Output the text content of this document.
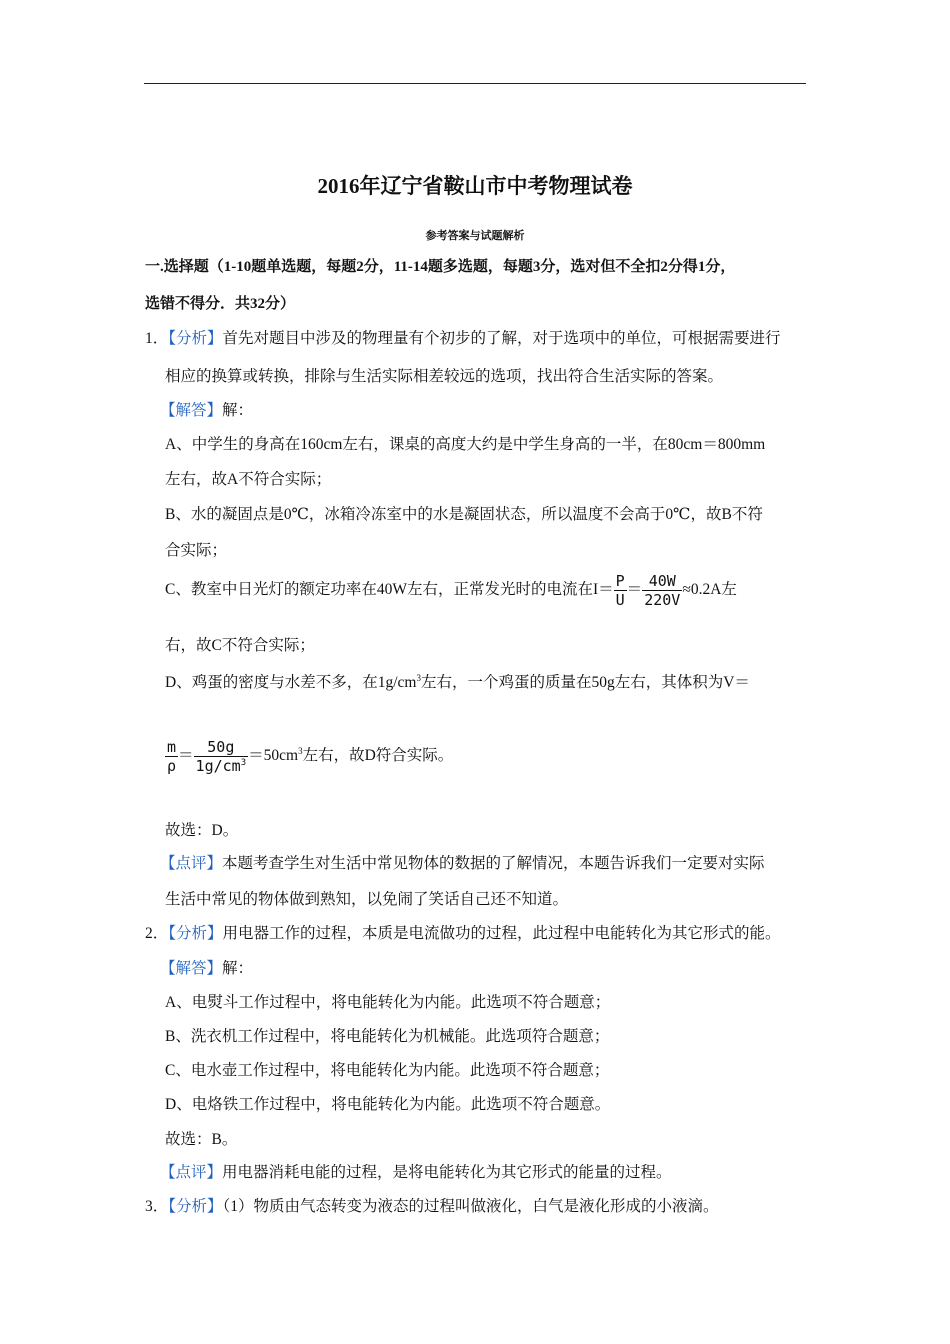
2016年辽宁省鞍山市中考物理试卷
参考答案与试题解析
一.选择题（1-10题单选题，每题2分，11-14题多选题，每题3分，选对但不全扣2分得1分，
选错不得分．共32分）
1．【分析】首先对题目中涉及的物理量有个初步的了解，对于选项中的单位，可根据需要进行
相应的换算或转换，排除与生活实际相差较远的选项，找出符合生活实际的答案。
【解答】解：
A、中学生的身高在160cm左右，课桌的高度大约是中学生身高的一半，在80cm＝800mm
左右，故A不符合实际；
B、水的凝固点是0℃，冰箱冷冻室中的水是凝固状态，所以温度不会高于0℃，故B不符
合实际；
C、教室中日光灯的额定功率在40W左右，正常发光时的电流在$I= \frac{P}{U} = \frac{40W}{220V} \approx 0.2A$左
右，故C不符合实际；
D、鸡蛋的密度与水差不多，在$1g/cm^3$左右，一个鸡蛋的质量在50g左右，其体积为V＝
$\frac{m}{\rho} = \frac{50g}{1g/cm^3} =50cm^3$左右，故D符合实际。
故选：D。
【点评】本题考查学生对生活中常见物体的数据的了解情况，本题告诉我们一定要对实际
生活中常见的物体做到熟知，以免闹了笑话自己还不知道。
2．【分析】用电器工作的过程，本质是电流做功的过程，此过程中电能转化为其它形式的能。
【解答】解：
A、电熨斗工作过程中，将电能转化为内能。此选项不符合题意；
B、洗衣机工作过程中，将电能转化为机械能。此选项符合题意；
C、电水壶工作过程中，将电能转化为内能。此选项不符合题意；
D、电烙铁工作过程中，将电能转化为内能。此选项不符合题意。
故选：B。
【点评】用电器消耗电能的过程，是将电能转化为其它形式的能量的过程。
3．【分析】（1）物质由气态转变为液态的过程叫做液化，白气是液化形成的小液滴。
